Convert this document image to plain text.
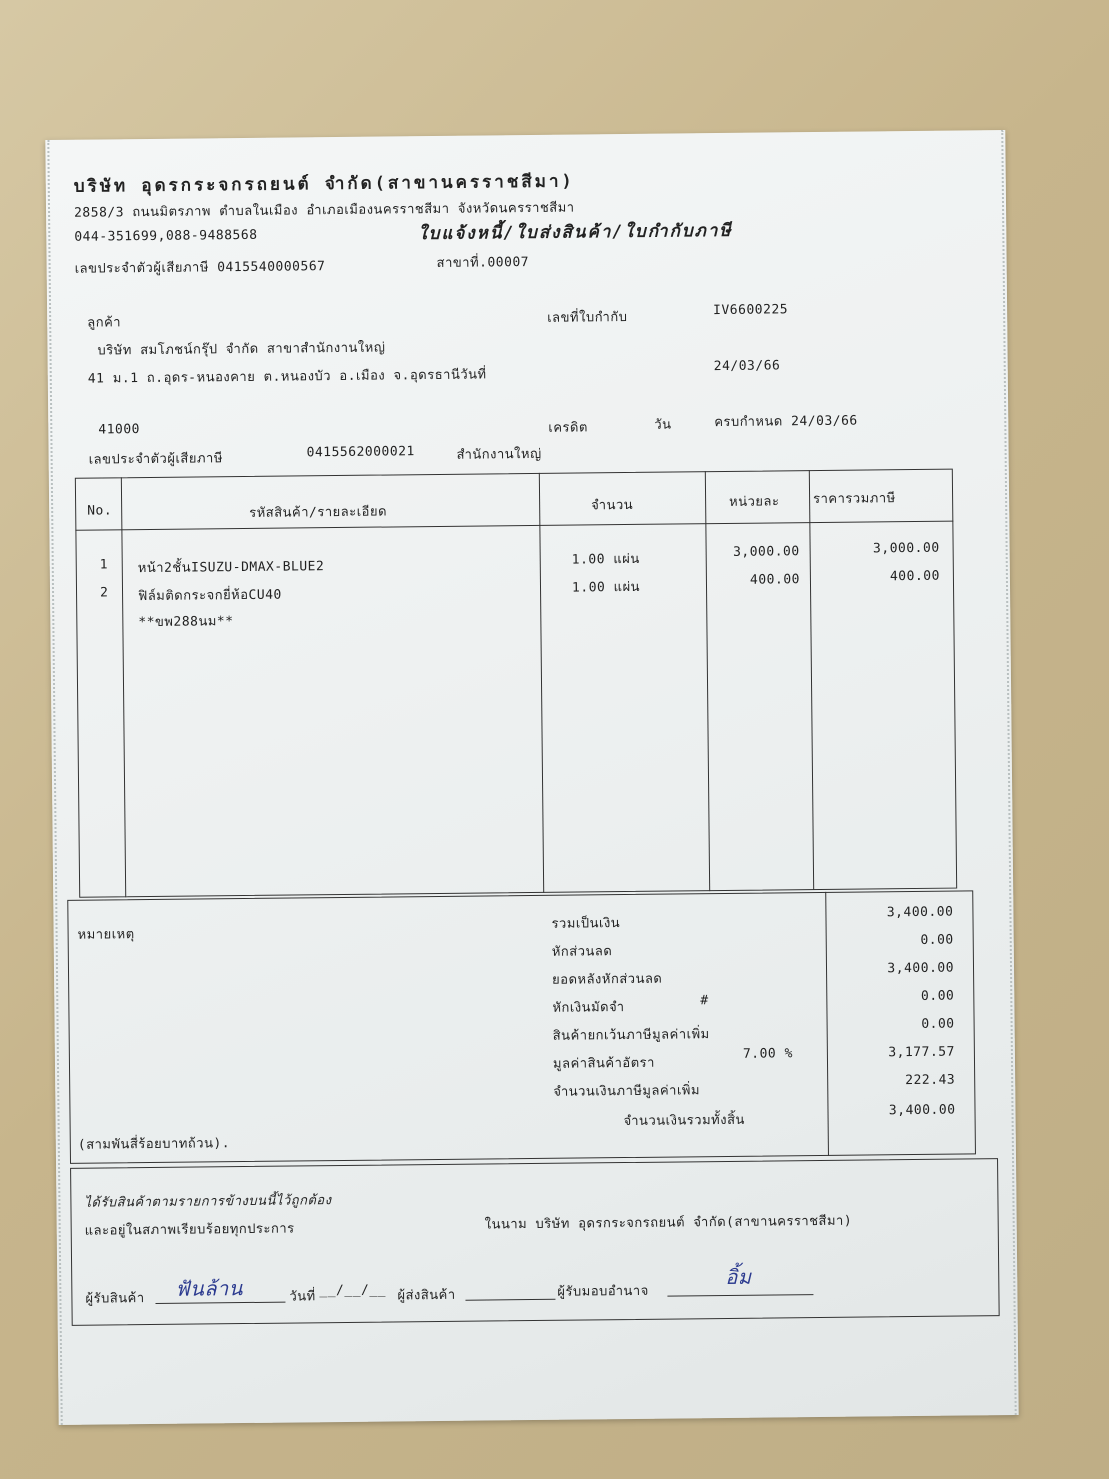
บริษัท อุดรกระจกรถยนต์ จำกัด(สาขานครราชสีมา)
2858/3 ถนนมิตรภาพ ตำบลในเมือง อำเภอเมืองนครราชสีมา จังหวัดนครราชสีมา
044-351699,088-9488568	ใบแจ้งหนี้/ใบส่งสินค้า/ใบกำกับภาษี
เลขประจำตัวผู้เสียภาษี 0415540000567	สาขาที่.00007
ลูกค้า
บริษัท สมโภชน์กรุ๊ป จำกัด สาขาสำนักงานใหญ่
41 ม.1 ถ.อุดร-หนองคาย ต.หนองบัว อ.เมือง จ.อุดรธานีวันที่
41000
เลขประจำตัวผู้เสียภาษี	0415562000021	สำนักงานใหญ่
เลขที่ใบกำกับ	IV6600225
24/03/66
เครดิต	วัน	ครบกำหนด 24/03/66
No.	รหัสสินค้า/รายละเอียด	จำนวน	หน่วยละ	ราคารวมภาษี
1 หน้า2ชั้นISUZU-DMAX-BLUE2	1.00 แผ่น	3,000.00	3,000.00
2 ฟิล์มติดกระจกยี่ห้อCU40	1.00 แผ่น	400.00	400.00
**ขพ288นม**
หมายเหตุ
(สามพันสี่ร้อยบาทถ้วน).
รวมเป็นเงิน
3,400.00
หักส่วนลด
0.00
ยอดหลังหักส่วนลด
3,400.00
หักเงินมัดจำ	#	0.00
สินค้ายกเว้นภาษีมูลค่าเพิ่ม
0.00
มูลค่าสินค้าอัตรา
7.00 %	3,177.57
จำนวนเงินภาษีมูลค่าเพิ่ม
222.43
จำนวนเงินรวมทั้งสิ้น
3,400.00
ได้รับสินค้าตามรายการข้างบนนี้ไว้ถูกต้อง
และอยู่ในสภาพเรียบร้อยทุกประการ	ในนาม บริษัท อุดรกระจกรถยนต์ จำกัด(สาขานครราชสีมา)
ผู้รับสินค้า ฟันล้าน	วันที่ __/__/__ ผู้ส่งสินค้า	ผู้รับมอบอำนาจ
อิ้ม
